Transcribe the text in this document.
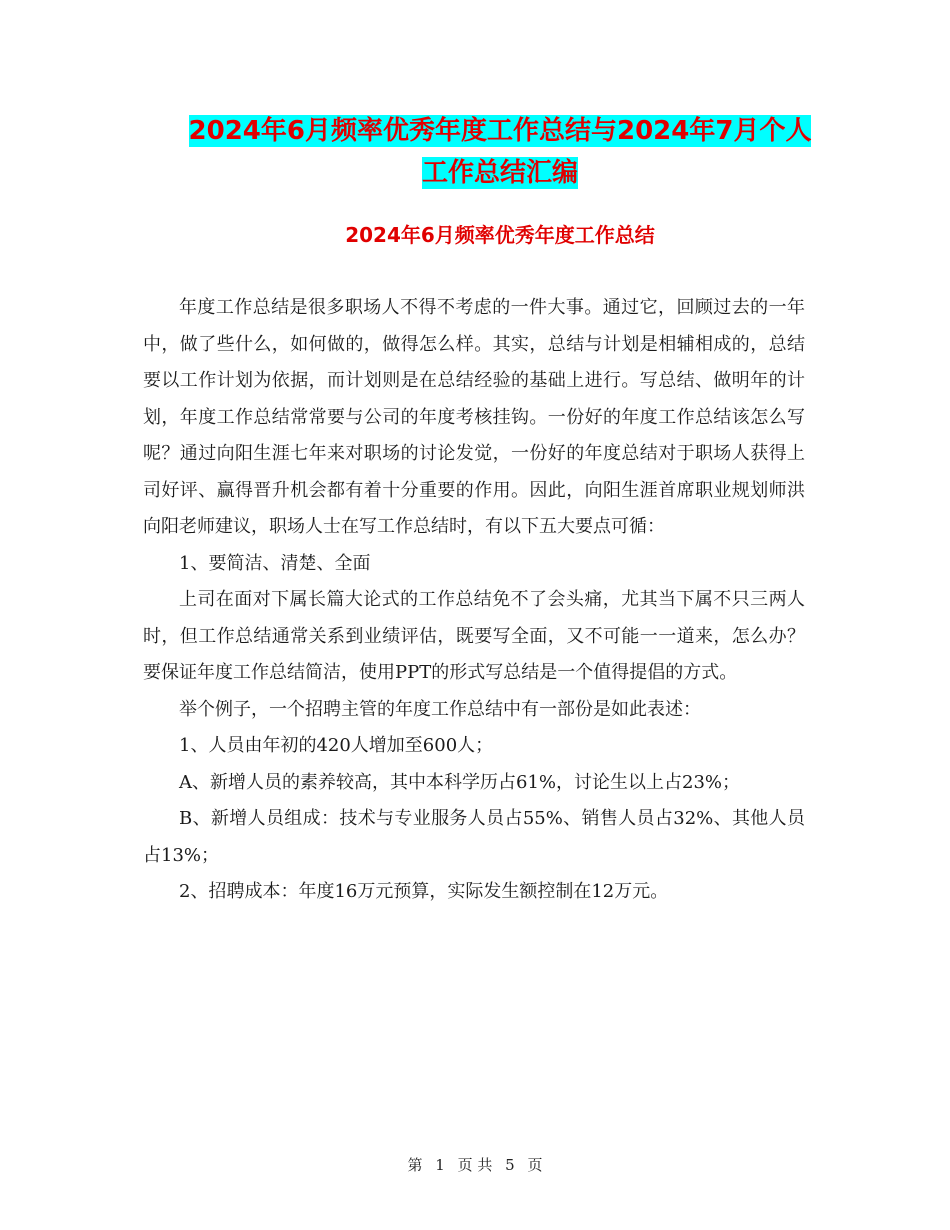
2024年6月频率优秀年度工作总结与2024年7月个人
工作总结汇编
2024年6月频率优秀年度工作总结

年度工作总结是很多职场人不得不考虑的一件大事。通过它，回顾过去的一年中，做了些什么，如何做的，做得怎么样。其实，总结与计划是相辅相成的，总结要以工作计划为依据，而计划则是在总结经验的基础上进行。写总结、做明年的计划，年度工作总结常常要与公司的年度考核挂钩。一份好的年度工作总结该怎么写呢？通过向阳生涯七年来对职场的讨论发觉，一份好的年度总结对于职场人获得上司好评、赢得晋升机会都有着十分重要的作用。因此，向阳生涯首席职业规划师洪向阳老师建议，职场人士在写工作总结时，有以下五大要点可循：

1、要简洁、清楚、全面

上司在面对下属长篇大论式的工作总结免不了会头痛，尤其当下属不只三两人时，但工作总结通常关系到业绩评估，既要写全面，又不可能一一道来，怎么办？要保证年度工作总结简洁，使用PPT的形式写总结是一个值得提倡的方式。

举个例子，一个招聘主管的年度工作总结中有一部份是如此表述：

1、人员由年初的420人增加至600人；

A、新增人员的素养较高，其中本科学历占61%，讨论生以上占23%；

B、新增人员组成：技术与专业服务人员占55%、销售人员占32%、其他人员占13%；

2、招聘成本：年度16万元预算，实际发生额控制在12万元。

第 1 页 共 5 页
